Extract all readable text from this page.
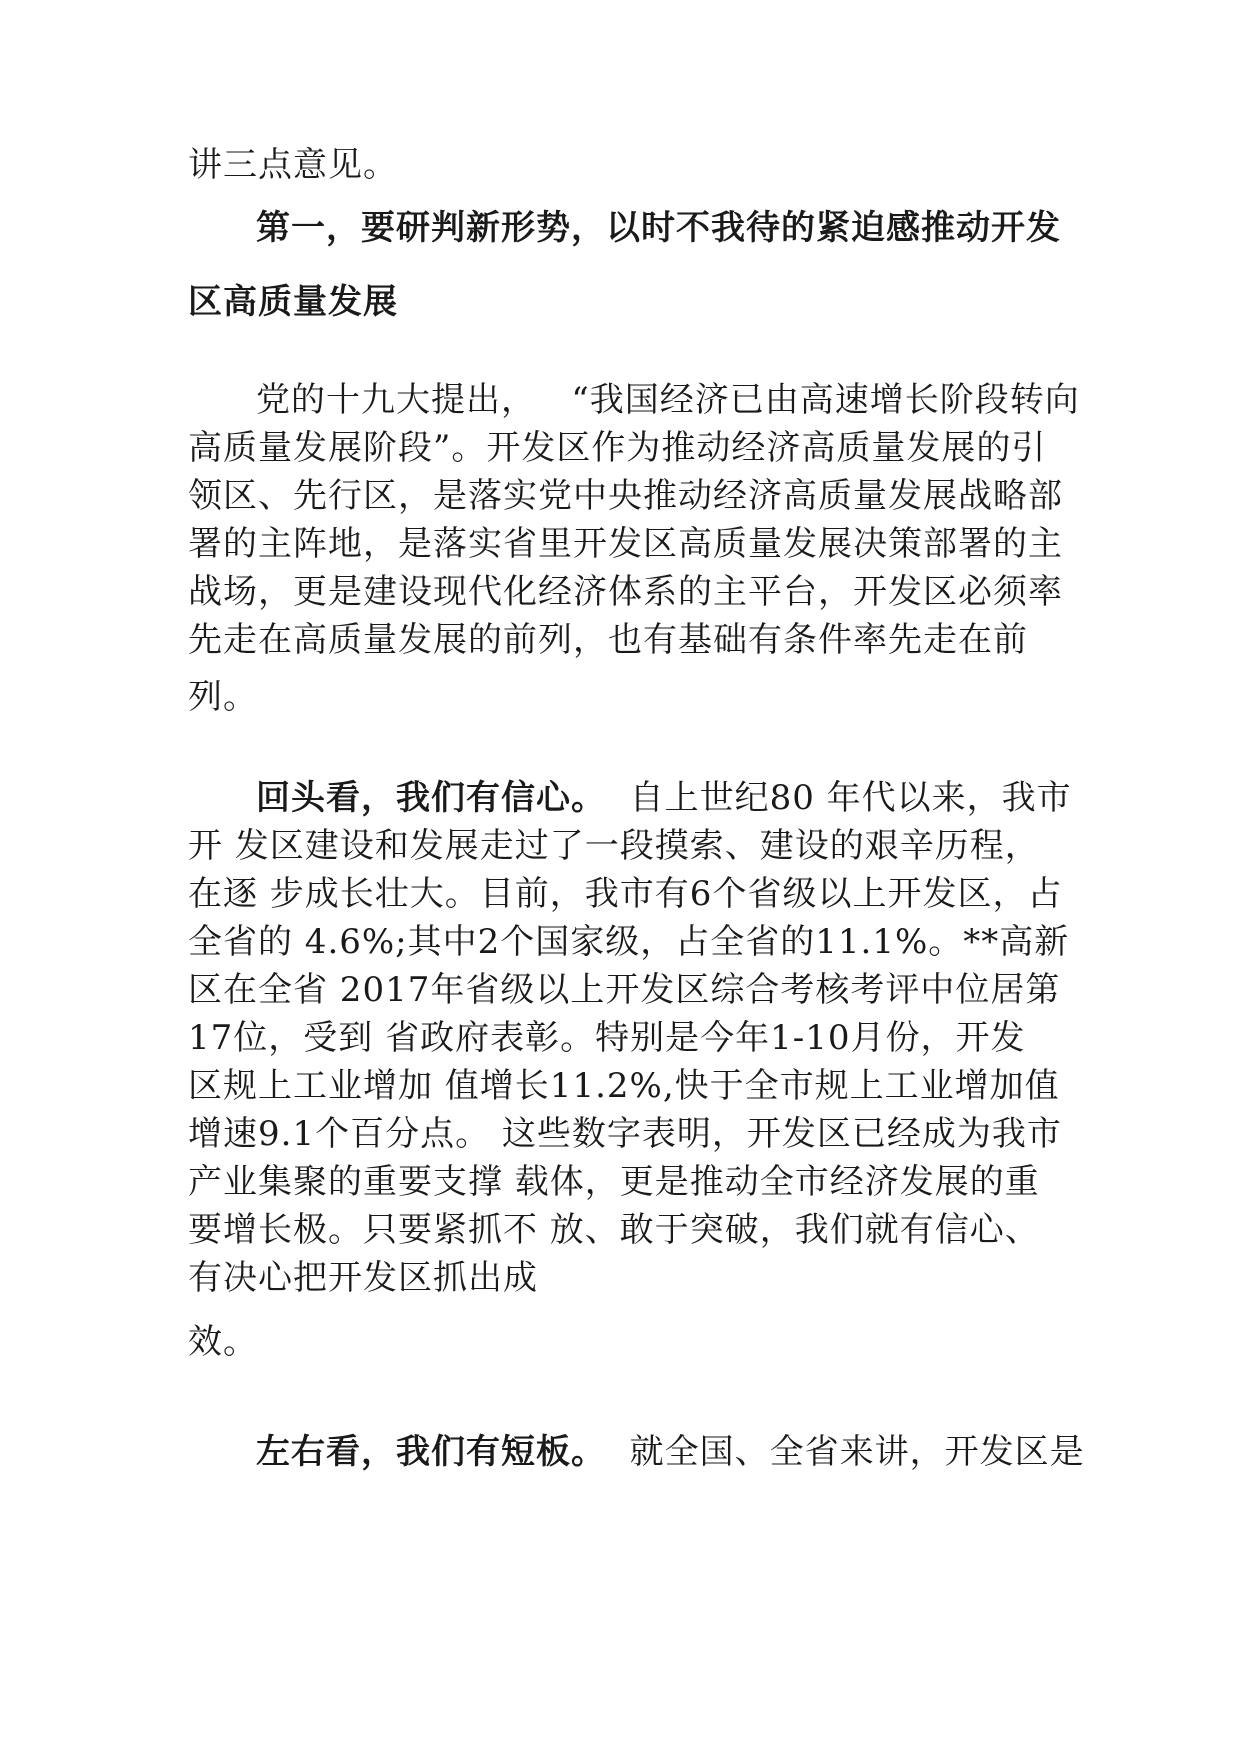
讲三点意见。
第一，要研判新形势，以时不我待的紧迫感推动开发
区高质量发展
党的十九大提出，   “我国经济已由高速增长阶段转向
高质量发展阶段”。开发区作为推动经济高质量发展的引
领区、先行区，是落实党中央推动经济高质量发展战略部
署的主阵地，是落实省里开发区高质量发展决策部署的主
战场，更是建设现代化经济体系的主平台，开发区必须率
先走在高质量发展的前列，也有基础有条件率先走在前
列。
回头看，我们有信心。  自上世纪80 年代以来，我市
开 发区建设和发展走过了一段摸索、建设的艰辛历程，
在逐 步成长壮大。目前，我市有6个省级以上开发区，占
全省的 4.6%;其中2个国家级，占全省的11.1%。**高新
区在全省 2017年省级以上开发区综合考核考评中位居第
17位，受到 省政府表彰。特别是今年1-10月份，开发
区规上工业增加 值增长11.2%,快于全市规上工业增加值
增速9.1个百分点。 这些数字表明，开发区已经成为我市
产业集聚的重要支撑 载体，更是推动全市经济发展的重
要增长极。只要紧抓不 放、敢于突破，我们就有信心、
有决心把开发区抓出成
效。
左右看，我们有短板。  就全国、全省来讲，开发区是
